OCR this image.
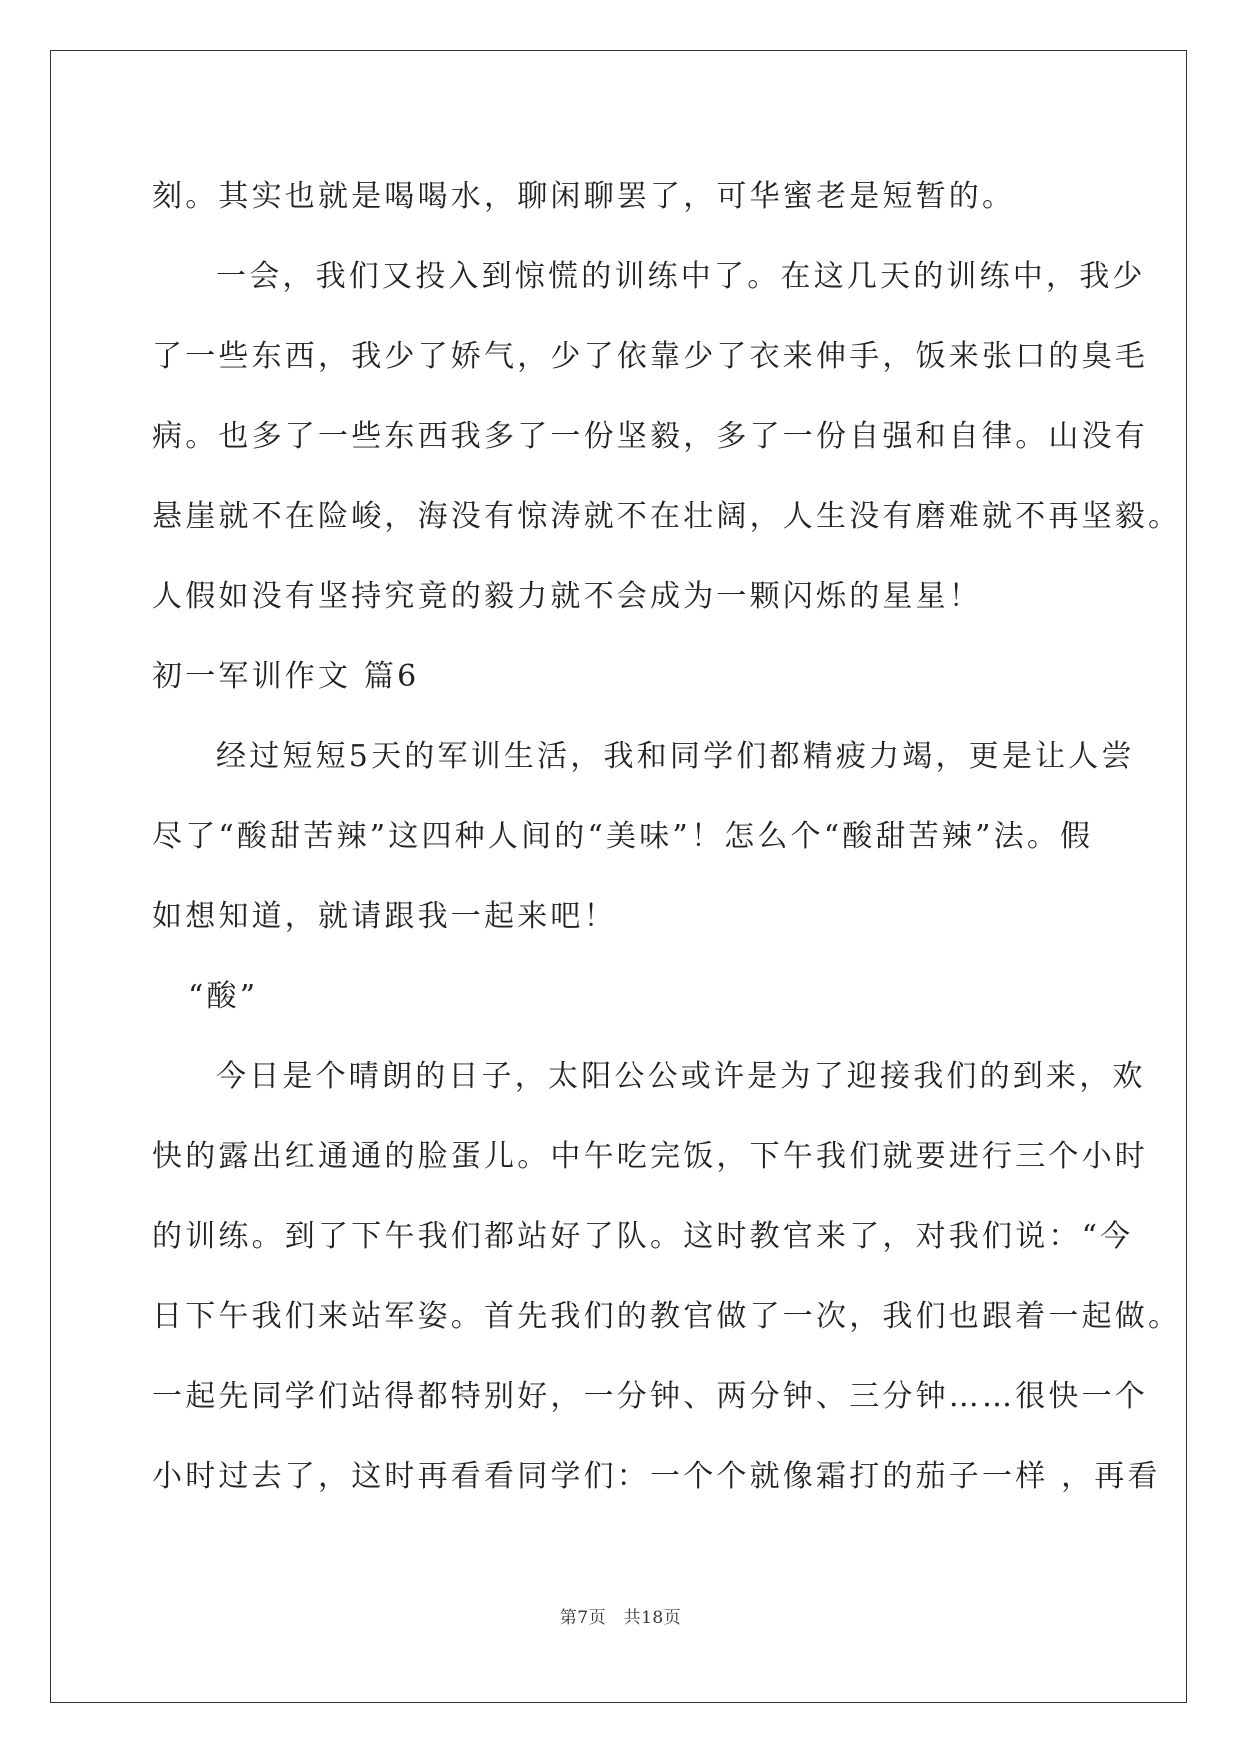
刻。其实也就是喝喝水，聊闲聊罢了，可华蜜老是短暂的。

一会，我们又投入到惊慌的训练中了。在这几天的训练中，我少

了一些东西，我少了娇气，少了依靠少了衣来伸手，饭来张口的臭毛

病。也多了一些东西我多了一份坚毅，多了一份自强和自律。山没有

悬崖就不在险峻，海没有惊涛就不在壮阔，人生没有磨难就不再坚毅。

人假如没有坚持究竟的毅力就不会成为一颗闪烁的星星！

初一军训作文 篇6

经过短短5天的军训生活，我和同学们都精疲力竭，更是让人尝

尽了“酸甜苦辣”这四种人间的“美味”！怎么个“酸甜苦辣”法。假

如想知道，就请跟我一起来吧！

“酸”

今日是个晴朗的日子，太阳公公或许是为了迎接我们的到来，欢

快的露出红通通的脸蛋儿。中午吃完饭，下午我们就要进行三个小时

的训练。到了下午我们都站好了队。这时教官来了，对我们说：“今

日下午我们来站军姿。首先我们的教官做了一次，我们也跟着一起做。

一起先同学们站得都特别好，一分钟、两分钟、三分钟……很快一个

小时过去了，这时再看看同学们：一个个就像霜打的茄子一样 ，再看

第7页　共18页
